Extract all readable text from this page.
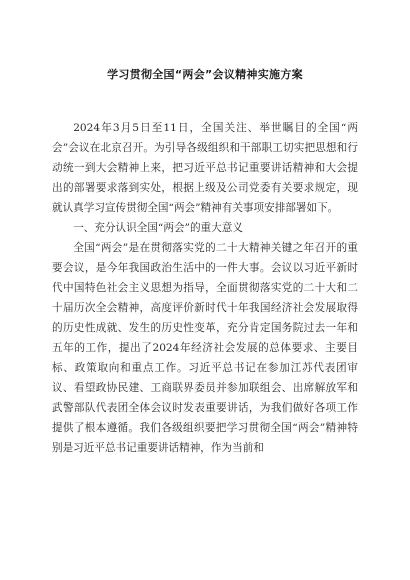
学习贯彻全国“两会”会议精神实施方案

2024年3月5日至11日，全国关注、举世瞩目的全国“两会”会议在北京召开。为引导各级组织和干部职工切实把思想和行动统一到大会精神上来，把习近平总书记重要讲话精神和大会提出的部署要求落到实处，根据上级及公司党委有关要求规定，现就认真学习宣传贯彻全国“两会”精神有关事项安排部署如下。

一、充分认识全国“两会”的重大意义

全国“两会”是在贯彻落实党的二十大精神关键之年召开的重要会议，是今年我国政治生活中的一件大事。会议以习近平新时代中国特色社会主义思想为指导，全面贯彻落实党的二十大和二十届历次全会精神，高度评价新时代十年我国经济社会发展取得的历史性成就、发生的历史性变革，充分肯定国务院过去一年和五年的工作，提出了2024年经济社会发展的总体要求、主要目标、政策取向和重点工作。习近平总书记在参加江苏代表团审议、看望政协民建、工商联界委员并参加联组会、出席解放军和武警部队代表团全体会议时发表重要讲话，为我们做好各项工作提供了根本遵循。我们各级组织要把学习贯彻全国“两会”精神特别是习近平总书记重要讲话精神，作为当前和
